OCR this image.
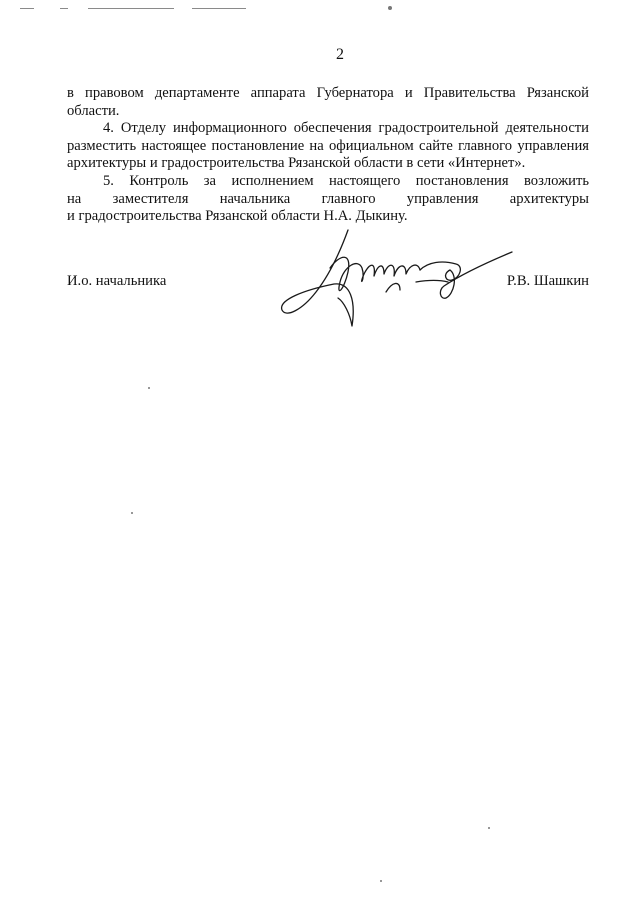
2

в правовом департаменте аппарата Губернатора и Правительства Рязанской области.

4. Отделу информационного обеспечения градостроительной деятельности разместить настоящее постановление на официальном сайте главного управления архитектуры и градостроительства Рязанской области в сети «Интернет».

5. Контроль за исполнением настоящего постановления возложить

на заместителя начальника главного управления архитектуры

и градостроительства Рязанской области Н.А. Дыкину.

И.о. начальника	Р.В. Шашкин
